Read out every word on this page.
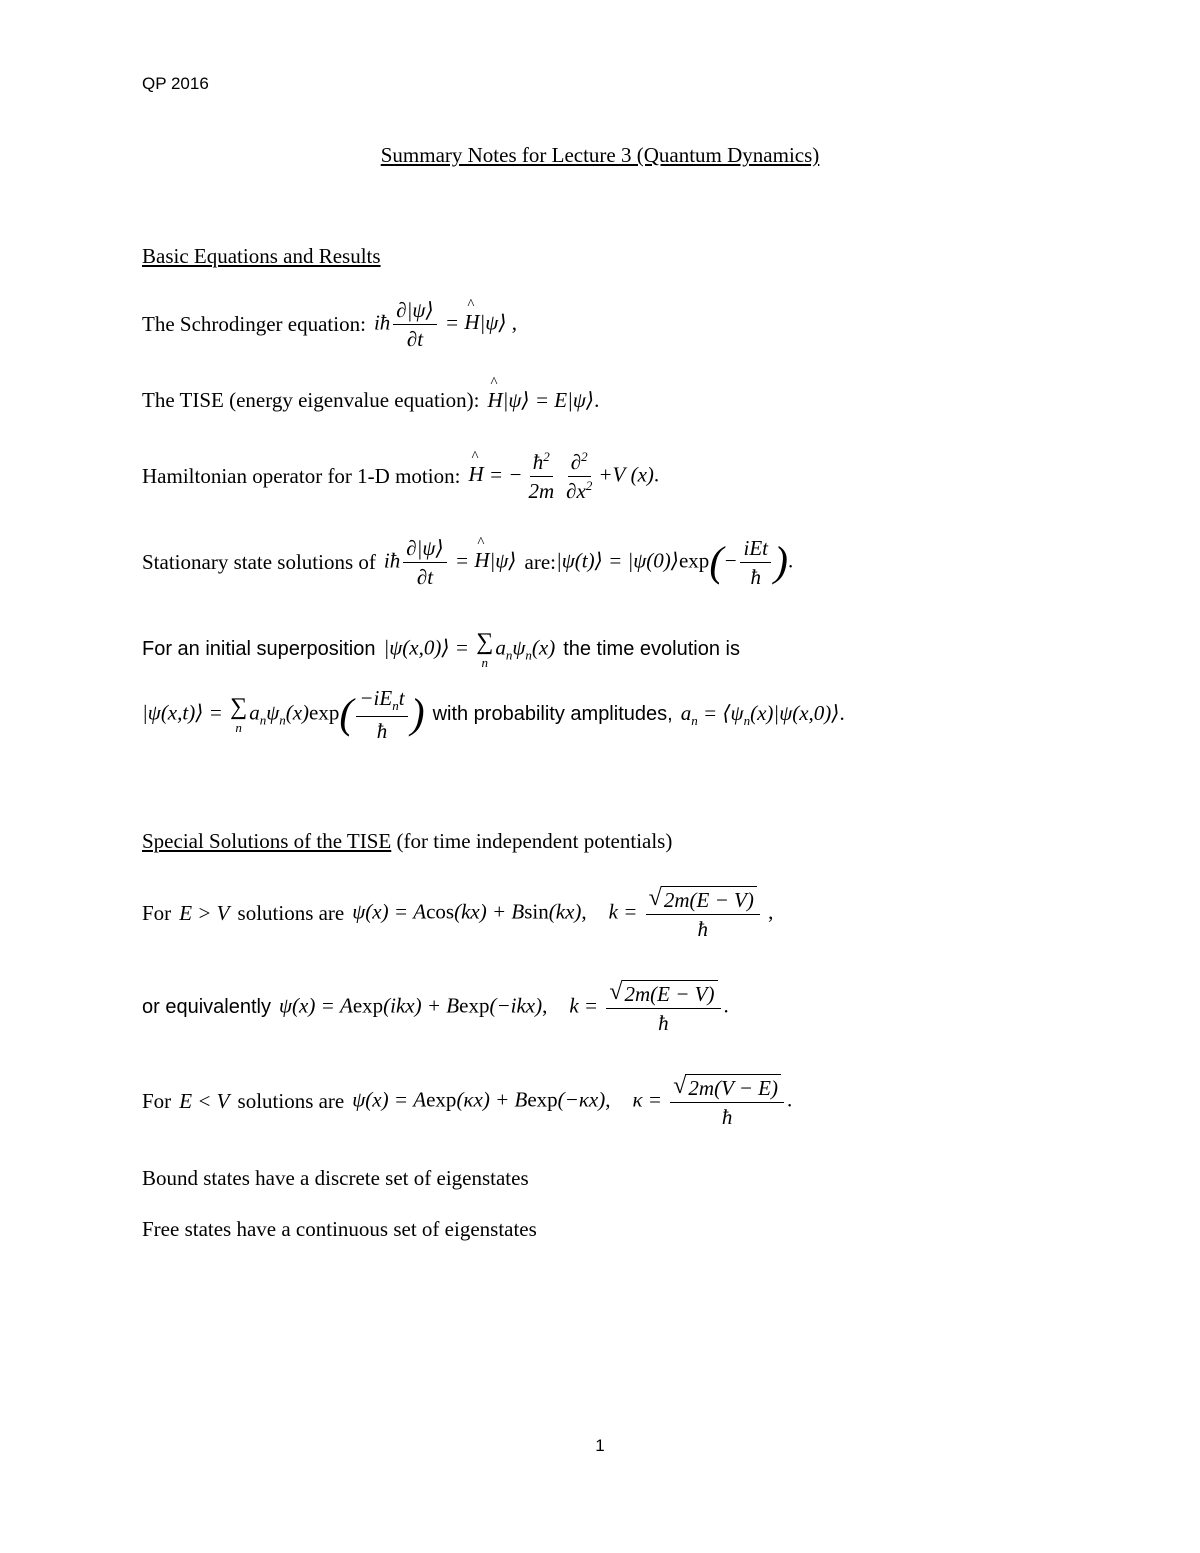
QP 2016
Summary Notes for Lecture 3 (Quantum Dynamics)
Basic Equations and Results
The Schrodinger equation: iħ $\frac{\partial|\psi⟩}{\partial t}$ = ^ H|ψ⟩ ,
The TISE (energy eigenvalue equation): ^ H|ψ⟩ = E|ψ⟩.
Hamiltonian operator for 1-D motion: ^ H = − $\frac{ħ^2}{2m} \frac{\partial^2}{\partial x^2} +V$ (x).
Stationary state solutions of iħ $\frac{\partial|\psi⟩}{\partial t}$ = ^ H|ψ⟩ are: |ψ(t)⟩ = |ψ(0)⟩exp(− $\frac{\text{iEt}}{ħ}$ ).
For an initial superposition |ψ(x,0)⟩ = ∑
n
$a_n\psi_n(x)$ the time evolution is
|ψ(x,t)⟩ = ∑
n
$a_n\psi_n(x)\exp( \frac{-iE_nt}{ħ}$ ) with probability amplitudes, $a_n$ = $⟨\psi_n(x)|\psi(x,0)⟩$.
Special Solutions of the TISE (for time independent potentials)
For E > V solutions are ψ(x) = Acos(kx) + Bsin(kx), $k = \frac{√ 2m(E - V)}{ħ}$ ,
or equivalently ψ(x) = Aexp(ikx) + Bexp(−ikx), $k = \frac{√ 2m(E - V)}{ħ}$ .
For E < V solutions are ψ(x) = Aexp(κx) + Bexp(−κx), $\kappa = \frac{√ 2m(V - E)}{ħ}$ .
Bound states have a discrete set of eigenstates
Free states have a continuous set of eigenstates
1
